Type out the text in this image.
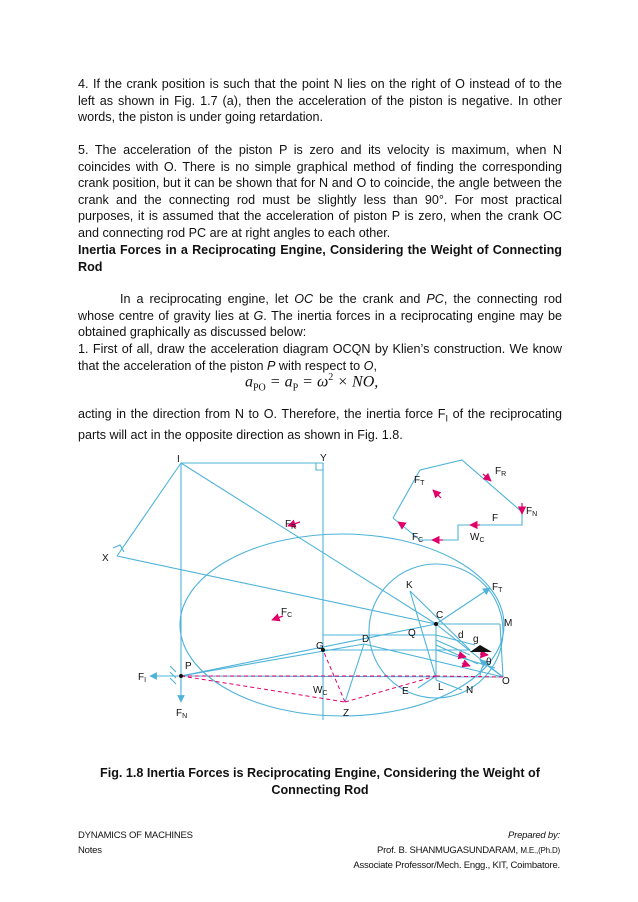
4. If the crank position is such that the point N lies on the right of O instead of to the left as shown in Fig. 1.7 (a), then the acceleration of the piston is negative. In other words, the piston is under going retardation.

5. The acceleration of the piston P is zero and its velocity is maximum, when N coincides with O. There is no simple graphical method of finding the corresponding crank position, but it can be shown that for N and O to coincide, the angle between the crank and the connecting rod must be slightly less than 90°. For most practical purposes, it is assumed that the acceleration of piston P is zero, when the crank OC and connecting rod PC are at right angles to each other.

Inertia Forces in a Reciprocating Engine, Considering the Weight of Connecting Rod

In a reciprocating engine, let OC be the crank and PC, the connecting rod whose centre of gravity lies at G. The inertia forces in a reciprocating engine may be obtained graphically as discussed below:

1. First of all, draw the acceleration diagram OCQN by Klien’s construction. We know that the acceleration of the piston P with respect to O,

$a_{PO} = a_P = \omega^2$ × NO,

acting in the direction from N to O. Therefore, the inertia force $F_I$ of the reciprocating parts will act in the opposite direction as shown in Fig. 1.8.

I	Y
X
$F_R$
$F_C$
K	$F_T$
C
M
Q
D	d g
G
P
$F_I$
θ
O
$W_C$	E	L N
Z
$F_N$
$F_T$
$F_R$
$F_N$
F
$F_C$	$W_C$
Fig. 1.8 Inertia Forces is Reciprocating Engine, Considering the Weight of Connecting Rod
DYNAMICS OF MACHINES
Notes
Prepared by:
Prof. B. SHANMUGASUNDARAM, M.E.,(Ph.D)
Associate Professor/Mech. Engg., KIT, Coimbatore.
